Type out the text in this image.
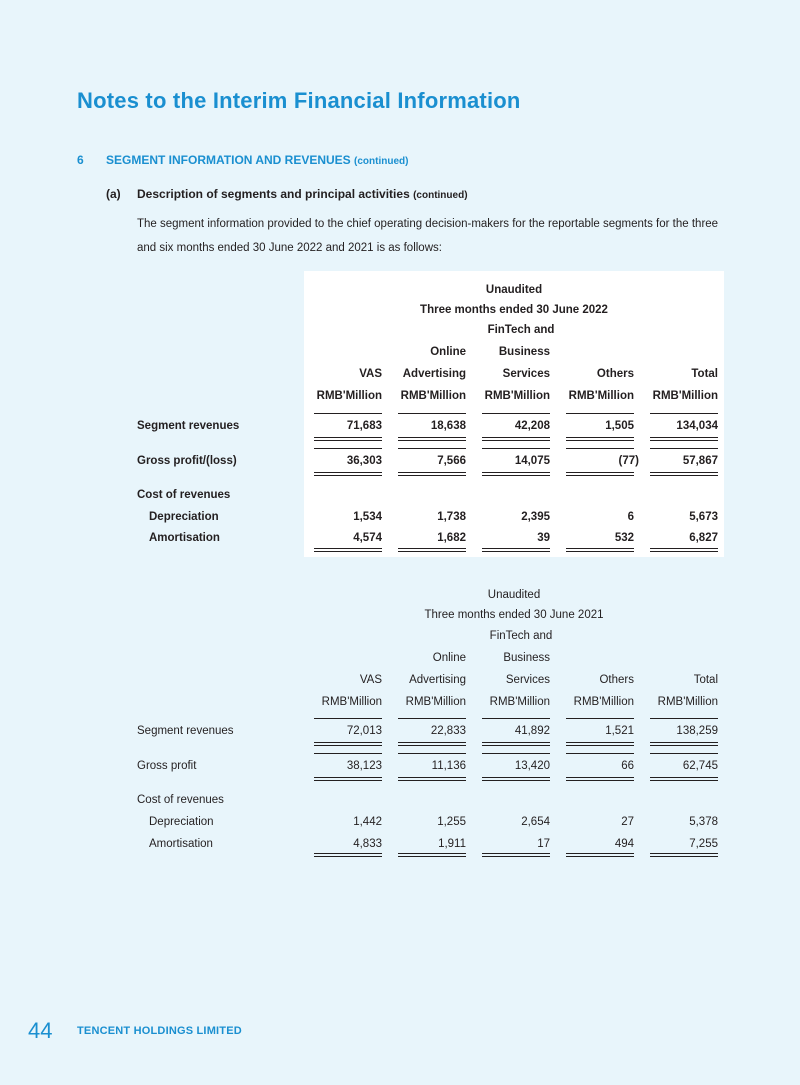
Notes to the Interim Financial Information
6 SEGMENT INFORMATION AND REVENUES (continued)
(a) Description of segments and principal activities (continued)

The segment information provided to the chief operating decision-makers for the reportable segments for the three and six months ended 30 June 2022 and 2021 is as follows:

Unaudited
Three months ended 30 June 2022
FinTech and
Online	Business
VAS	Advertising	Services	Others	Total
RMB'Million	RMB'Million	RMB'Million	RMB'Million	RMB'Million
Segment revenues	71,683	18,638	42,208	1,505	134,034
Gross profit/(loss)	36,303	7,566	14,075	(77)	57,867
Cost of revenues
Depreciation	1,534	1,738	2,395	6	5,673
Amortisation	4,574	1,682	39	532	6,827
Unaudited
Three months ended 30 June 2021
FinTech and
Online	Business
VAS	Advertising	Services	Others	Total
RMB'Million	RMB'Million	RMB'Million	RMB'Million	RMB'Million
Segment revenues	72,013	22,833	41,892	1,521	138,259
Gross profit	38,123	11,136	13,420	66	62,745
Cost of revenues
Depreciation	1,442	1,255	2,654	27	5,378
Amortisation	4,833	1,911	17	494	7,255
44 TENCENT HOLDINGS LIMITED
